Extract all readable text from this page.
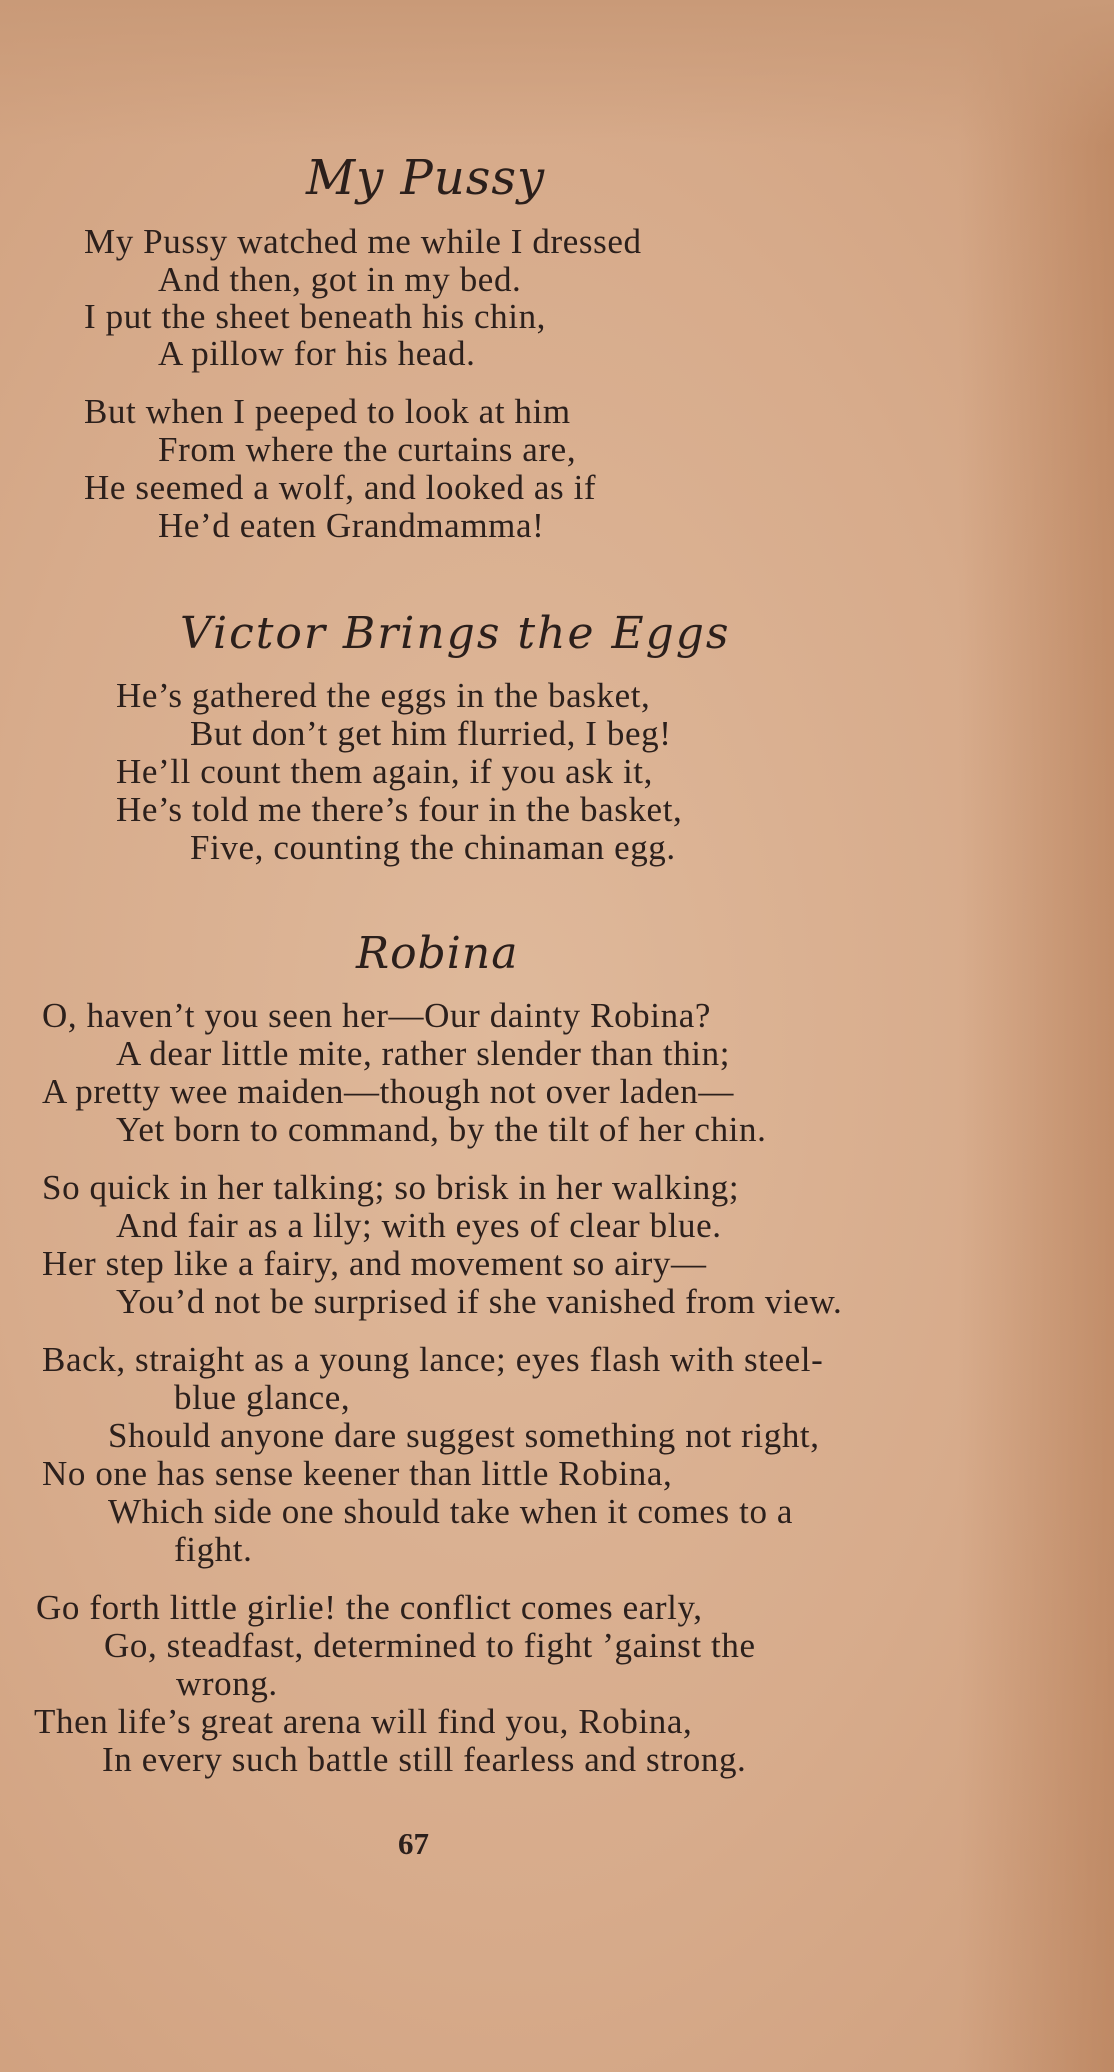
My Pussy
My Pussy watched me while I dressed
And then, got in my bed.
I put the sheet beneath his chin,
A pillow for his head.
But when I peeped to look at him
From where the curtains are,
He seemed a wolf, and looked as if
He’d eaten Grandmamma!
Victor Brings the Eggs
He’s gathered the eggs in the basket,
But don’t get him flurried, I beg!
He’ll count them again, if you ask it,
He’s told me there’s four in the basket,
Five, counting the chinaman egg.
Robina
O, haven’t you seen her—Our dainty Robina?
A dear little mite, rather slender than thin;
A pretty wee maiden—though not over laden—
Yet born to command, by the tilt of her chin.
So quick in her talking; so brisk in her walking;
And fair as a lily; with eyes of clear blue.
Her step like a fairy, and movement so airy—
You’d not be surprised if she vanished from view.
Back, straight as a young lance; eyes flash with steel-
blue glance,
Should anyone dare suggest something not right,
No one has sense keener than little Robina,
Which side one should take when it comes to a
fight.
Go forth little girlie! the conflict comes early,
Go, steadfast, determined to fight ’gainst the
wrong.
Then life’s great arena will find you, Robina,
In every such battle still fearless and strong.
67
